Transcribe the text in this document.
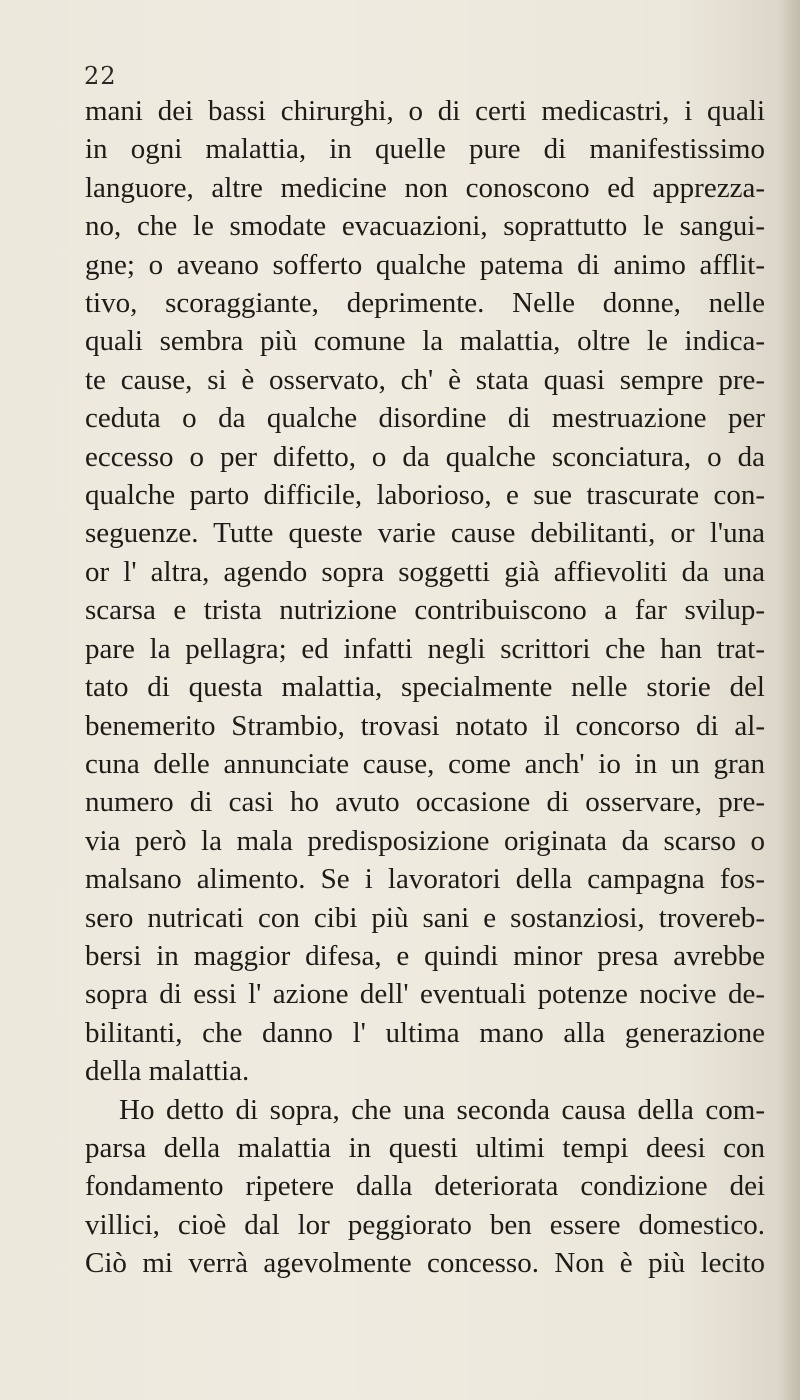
22
mani dei bassi chirurghi, o di certi medicastri, i quali
in ogni malattia, in quelle pure di manifestissimo
languore, altre medicine non conoscono ed apprezza-
no, che le smodate evacuazioni, soprattutto le sangui-
gne; o aveano sofferto qualche patema di animo afflit-
tivo, scoraggiante, deprimente. Nelle donne, nelle
quali sembra più comune la malattia, oltre le indica-
te cause, si è osservato, ch' è stata quasi sempre pre-
ceduta o da qualche disordine di mestruazione per
eccesso o per difetto, o da qualche sconciatura, o da
qualche parto difficile, laborioso, e sue trascurate con-
seguenze. Tutte queste varie cause debilitanti, or l'una
or l' altra, agendo sopra soggetti già affievoliti da una
scarsa e trista nutrizione contribuiscono a far svilup-
pare la pellagra; ed infatti negli scrittori che han trat-
tato di questa malattia, specialmente nelle storie del
benemerito Strambio, trovasi notato il concorso di al-
cuna delle annunciate cause, come anch' io in un gran
numero di casi ho avuto occasione di osservare, pre-
via però la mala predisposizione originata da scarso o
malsano alimento. Se i lavoratori della campagna fos-
sero nutricati con cibi più sani e sostanziosi, trovereb-
bersi in maggior difesa, e quindi minor presa avrebbe
sopra di essi l' azione dell' eventuali potenze nocive de-
bilitanti, che danno l' ultima mano alla generazione
della malattia.
Ho detto di sopra, che una seconda causa della com-
parsa della malattia in questi ultimi tempi deesi con
fondamento ripetere dalla deteriorata condizione dei
villici, cioè dal lor peggiorato ben essere domestico.
Ciò mi verrà agevolmente concesso. Non è più lecito
